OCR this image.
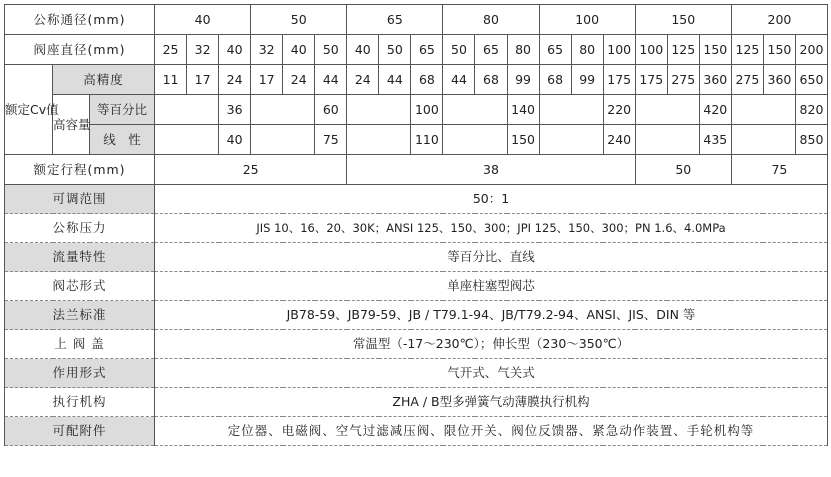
公称通径(mm)			40			50			65			80			100			150			200		
阀座直径(mm)			25	32	40	32	40	50	40	50	65	50	65	80	65	80	100	100	125	150	125	150	200
额定Cv值	高精度		11	17	24	17	24	44	24	44	68	44	68	99	68	99	175	175	275	360	275	360	650
	高容量	等百分比			36			60			100			140			220			420			820
		线　性			40			75			110			150			240			435			850
额定行程(mm)			25						38									50			75		
可调范围			50：1																				
公称压力			JIS 10、16、20、30K；ANSI 125、150、300；JPI 125、150、300；PN 1.6、4.0MPa																				
流量特性			等百分比、直线																				
阀芯形式			单座柱塞型阀芯																				
法兰标准			JB78-59、JB79-59、JB / T79.1-94、JB/T79.2-94、ANSI、JIS、DIN 等																				
上 阀 盖			常温型（-17～230℃）；伸长型（230～350℃）																				
作用形式			气开式、气关式																				
执行机构			ZHA / B型多弹簧气动薄膜执行机构																				
可配附件			定位器、电磁阀、空气过滤减压阀、限位开关、阀位反馈器、紧急动作装置、手轮机构等																				
